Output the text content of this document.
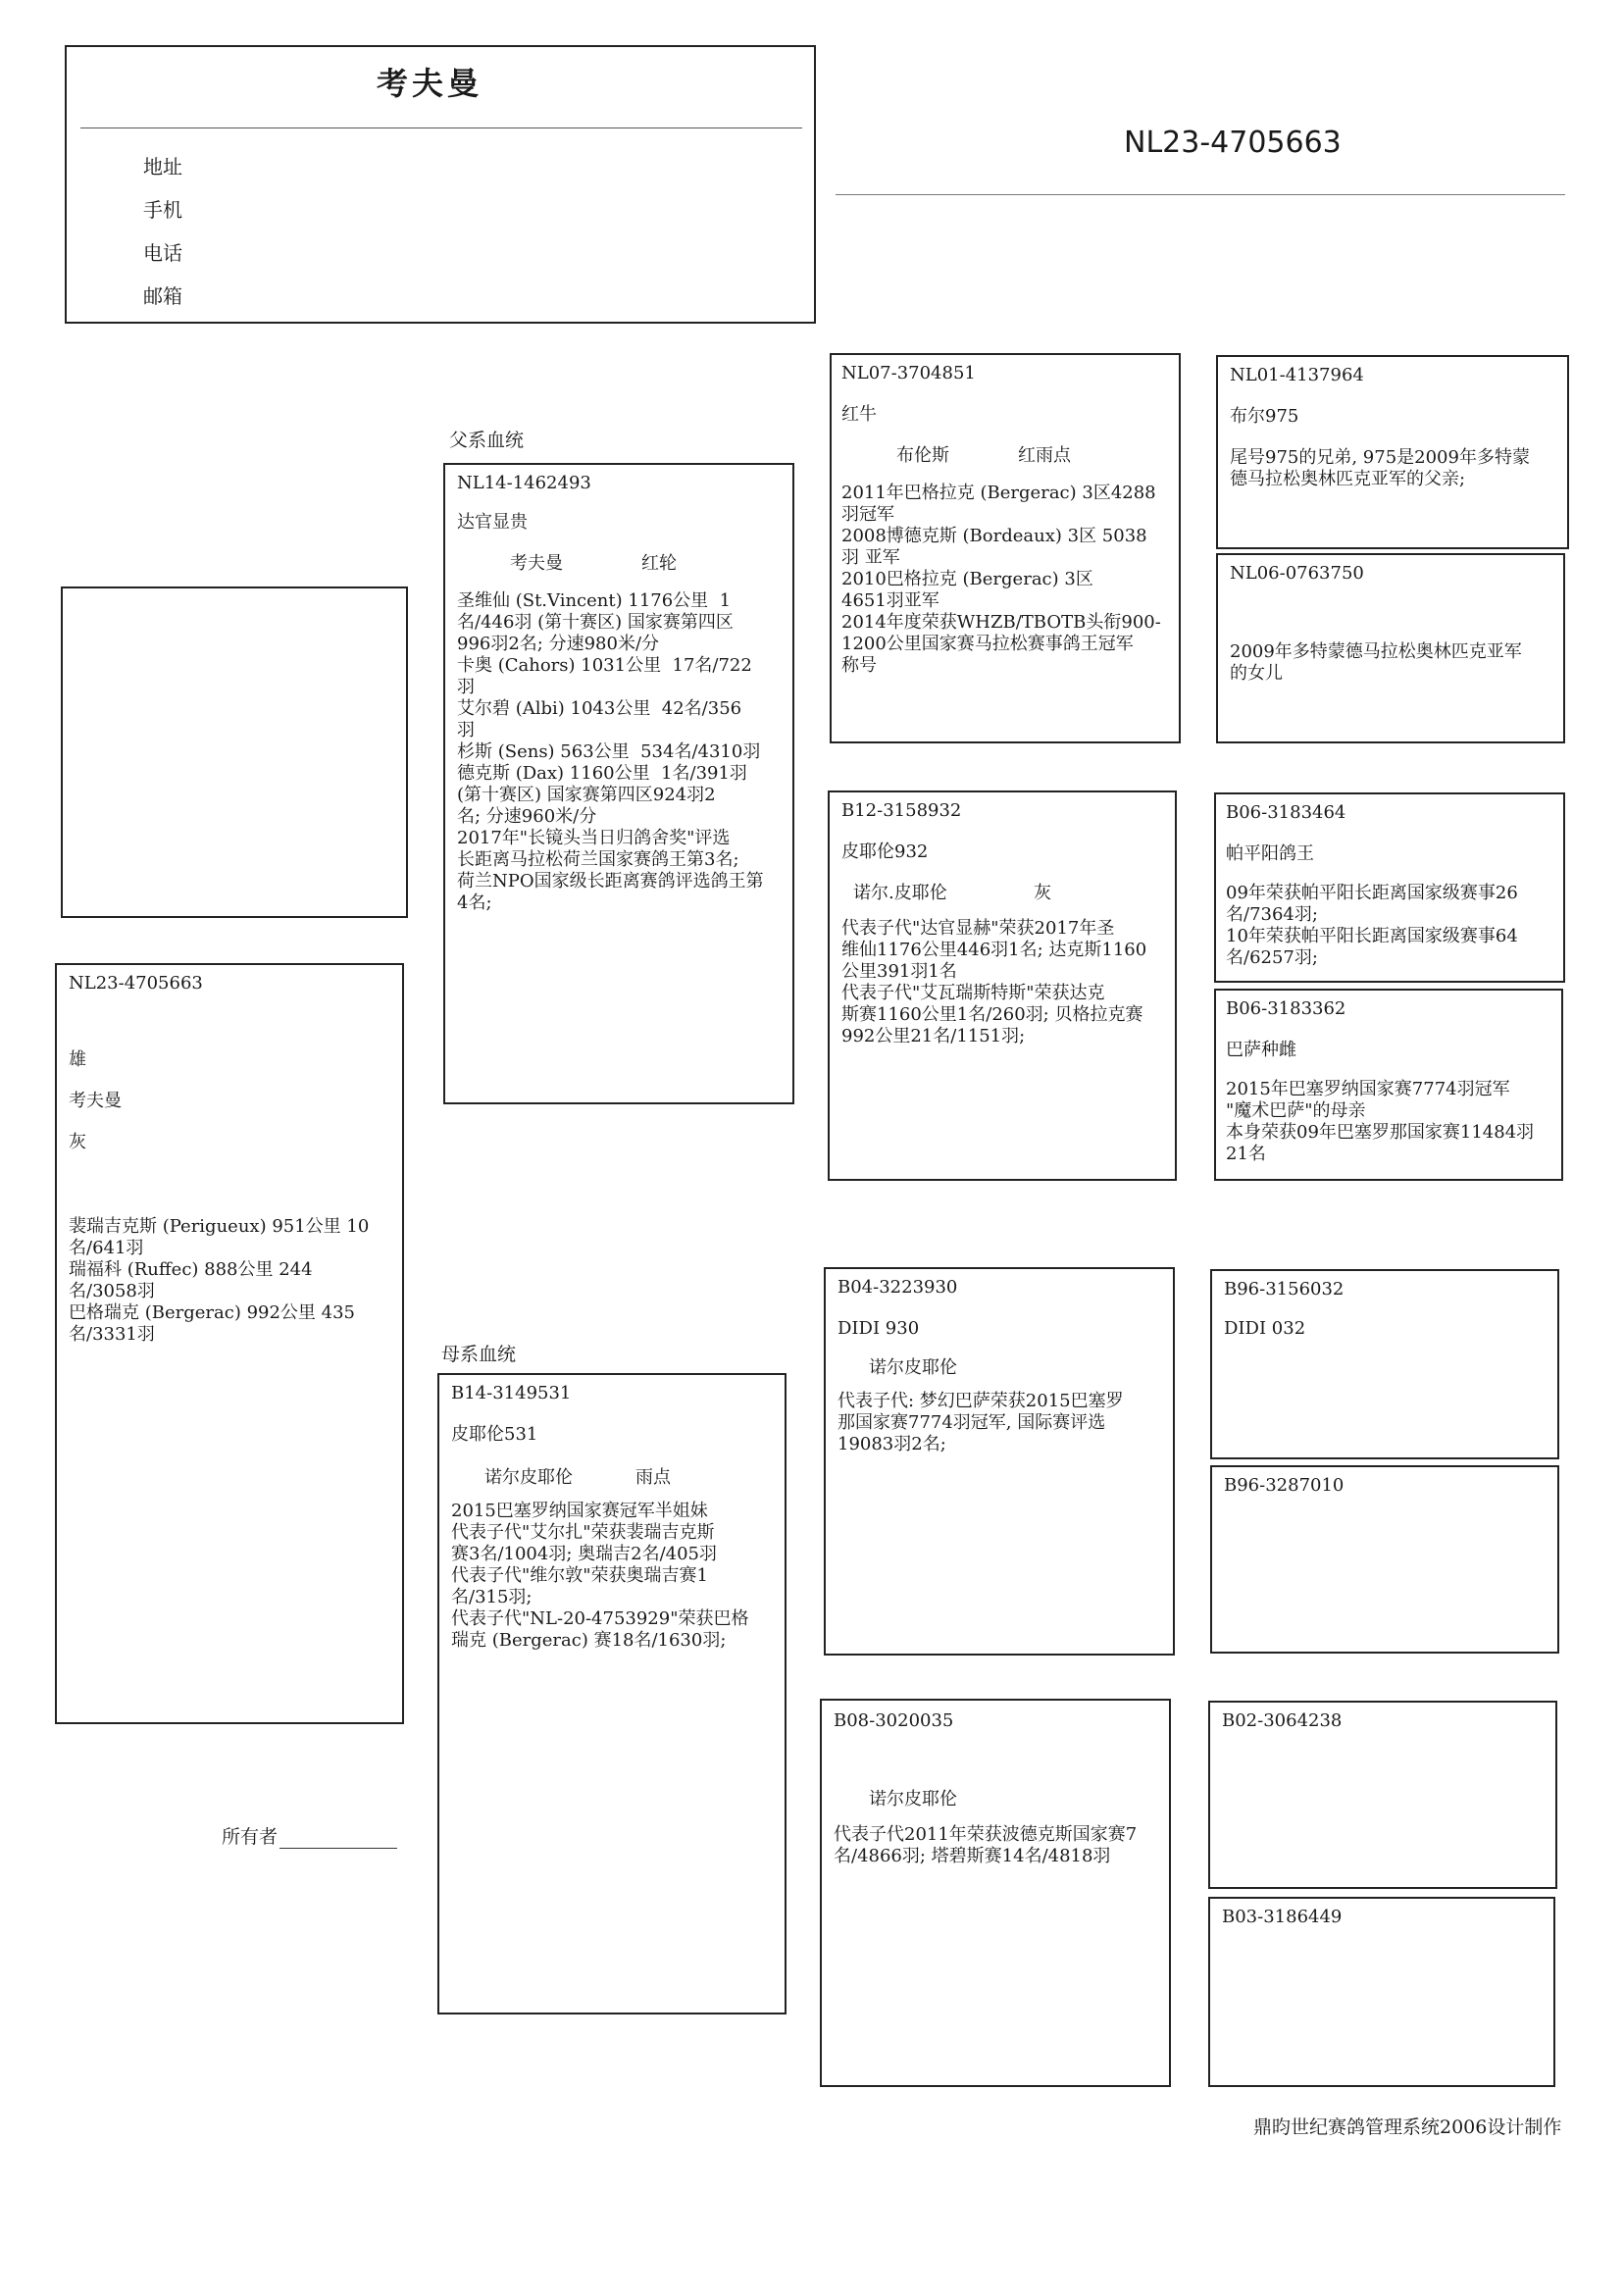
考夫曼
地址
手机
电话
邮箱
NL23-4705663
NL23-4705663
雄
考夫曼
灰
裴瑞吉克斯 (Perigueux) 951公里 10
名/641羽
瑞福科 (Ruffec) 888公里 244
名/3058羽
巴格瑞克 (Bergerac) 992公里 435
名/3331羽
所有者
父系血统
母系血统
NL14-1462493
达官显贵
考夫曼	红轮
圣维仙 (St.Vincent) 1176公里  1
名/446羽 (第十赛区) 国家赛第四区
996羽2名; 分速980米/分
卡奥 (Cahors) 1031公里  17名/722
羽
艾尔碧 (Albi) 1043公里  42名/356
羽
杉斯 (Sens) 563公里  534名/4310羽
德克斯 (Dax) 1160公里  1名/391羽
(第十赛区) 国家赛第四区924羽2
名; 分速960米/分
2017年"长镜头当日归鸽舍奖"评选
长距离马拉松荷兰国家赛鸽王第3名;
荷兰NPO国家级长距离赛鸽评选鸽王第
4名;
B14-3149531
皮耶伦531
诺尔皮耶伦	雨点
2015巴塞罗纳国家赛冠军半姐妹
代表子代"艾尔扎"荣获裴瑞吉克斯
赛3名/1004羽; 奥瑞吉2名/405羽
代表子代"维尔敦"荣获奥瑞吉赛1
名/315羽;
代表子代"NL-20-4753929"荣获巴格
瑞克 (Bergerac) 赛18名/1630羽;
NL07-3704851
红牛
布伦斯	红雨点
2011年巴格拉克 (Bergerac) 3区4288
羽冠军
2008博德克斯 (Bordeaux) 3区 5038
羽 亚军
2010巴格拉克 (Bergerac) 3区
4651羽亚军
2014年度荣获WHZB/TBOTB头衔900-
1200公里国家赛马拉松赛事鸽王冠军
称号
B12-3158932
皮耶伦932
诺尔.皮耶伦	灰
代表子代"达官显赫"荣获2017年圣
维仙1176公里446羽1名; 达克斯1160
公里391羽1名
代表子代"艾瓦瑞斯特斯"荣获达克
斯赛1160公里1名/260羽; 贝格拉克赛
992公里21名/1151羽;
B04-3223930
DIDI 930
诺尔皮耶伦
代表子代: 梦幻巴萨荣获2015巴塞罗
那国家赛7774羽冠军, 国际赛评选
19083羽2名;
B08-3020035
诺尔皮耶伦
代表子代2011年荣获波德克斯国家赛7
名/4866羽; 塔碧斯赛14名/4818羽
NL01-4137964
布尔975
尾号975的兄弟, 975是2009年多特蒙
德马拉松奥林匹克亚军的父亲;
NL06-0763750
2009年多特蒙德马拉松奥林匹克亚军
的女儿
B06-3183464
帕平阳鸽王
09年荣获帕平阳长距离国家级赛事26
名/7364羽;
10年荣获帕平阳长距离国家级赛事64
名/6257羽;
B06-3183362
巴萨种雌
2015年巴塞罗纳国家赛7774羽冠军
"魔术巴萨"的母亲
本身荣获09年巴塞罗那国家赛11484羽
21名
B96-3156032
DIDI 032
B96-3287010
B02-3064238
B03-3186449
鼎昀世纪赛鸽管理系统2006设计制作
